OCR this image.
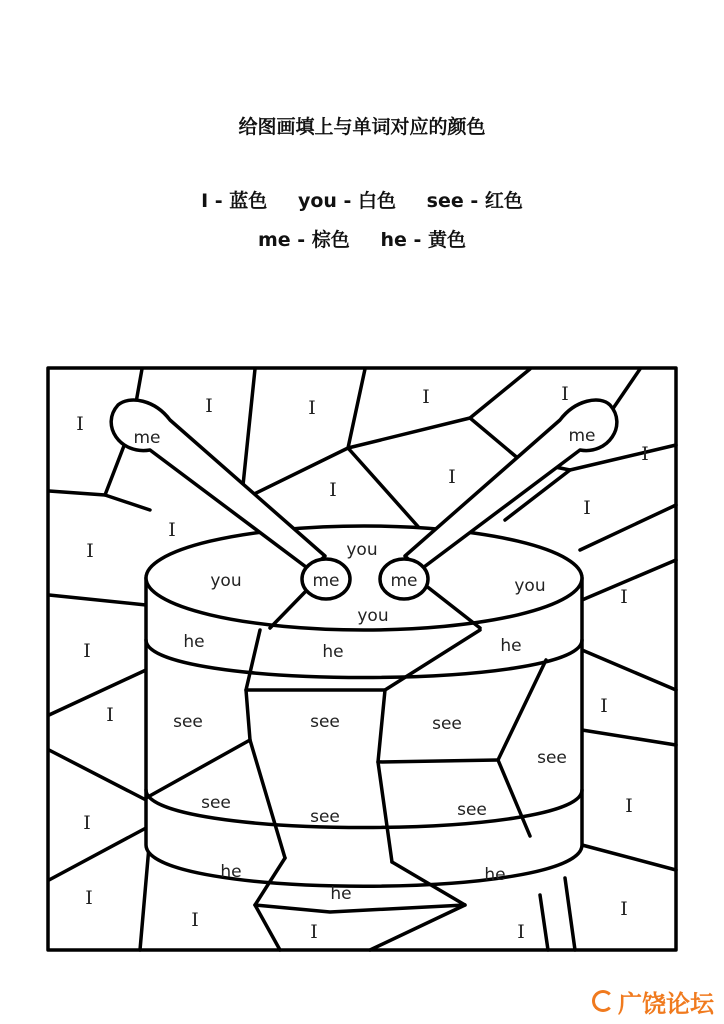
给图画填上与单词对应的颜色
I - 蓝色 you - 白色 see - 红色
me - 棕色 he - 黄色
I
I	I	I	I
I
I
I
I
I
I
I
I
I	I
I
I
I
I
I	I
I
me	me
me	me
you
you	you
you
he	he	he
he
he
he
see	see	see
see
see
see	see
广饶论坛
